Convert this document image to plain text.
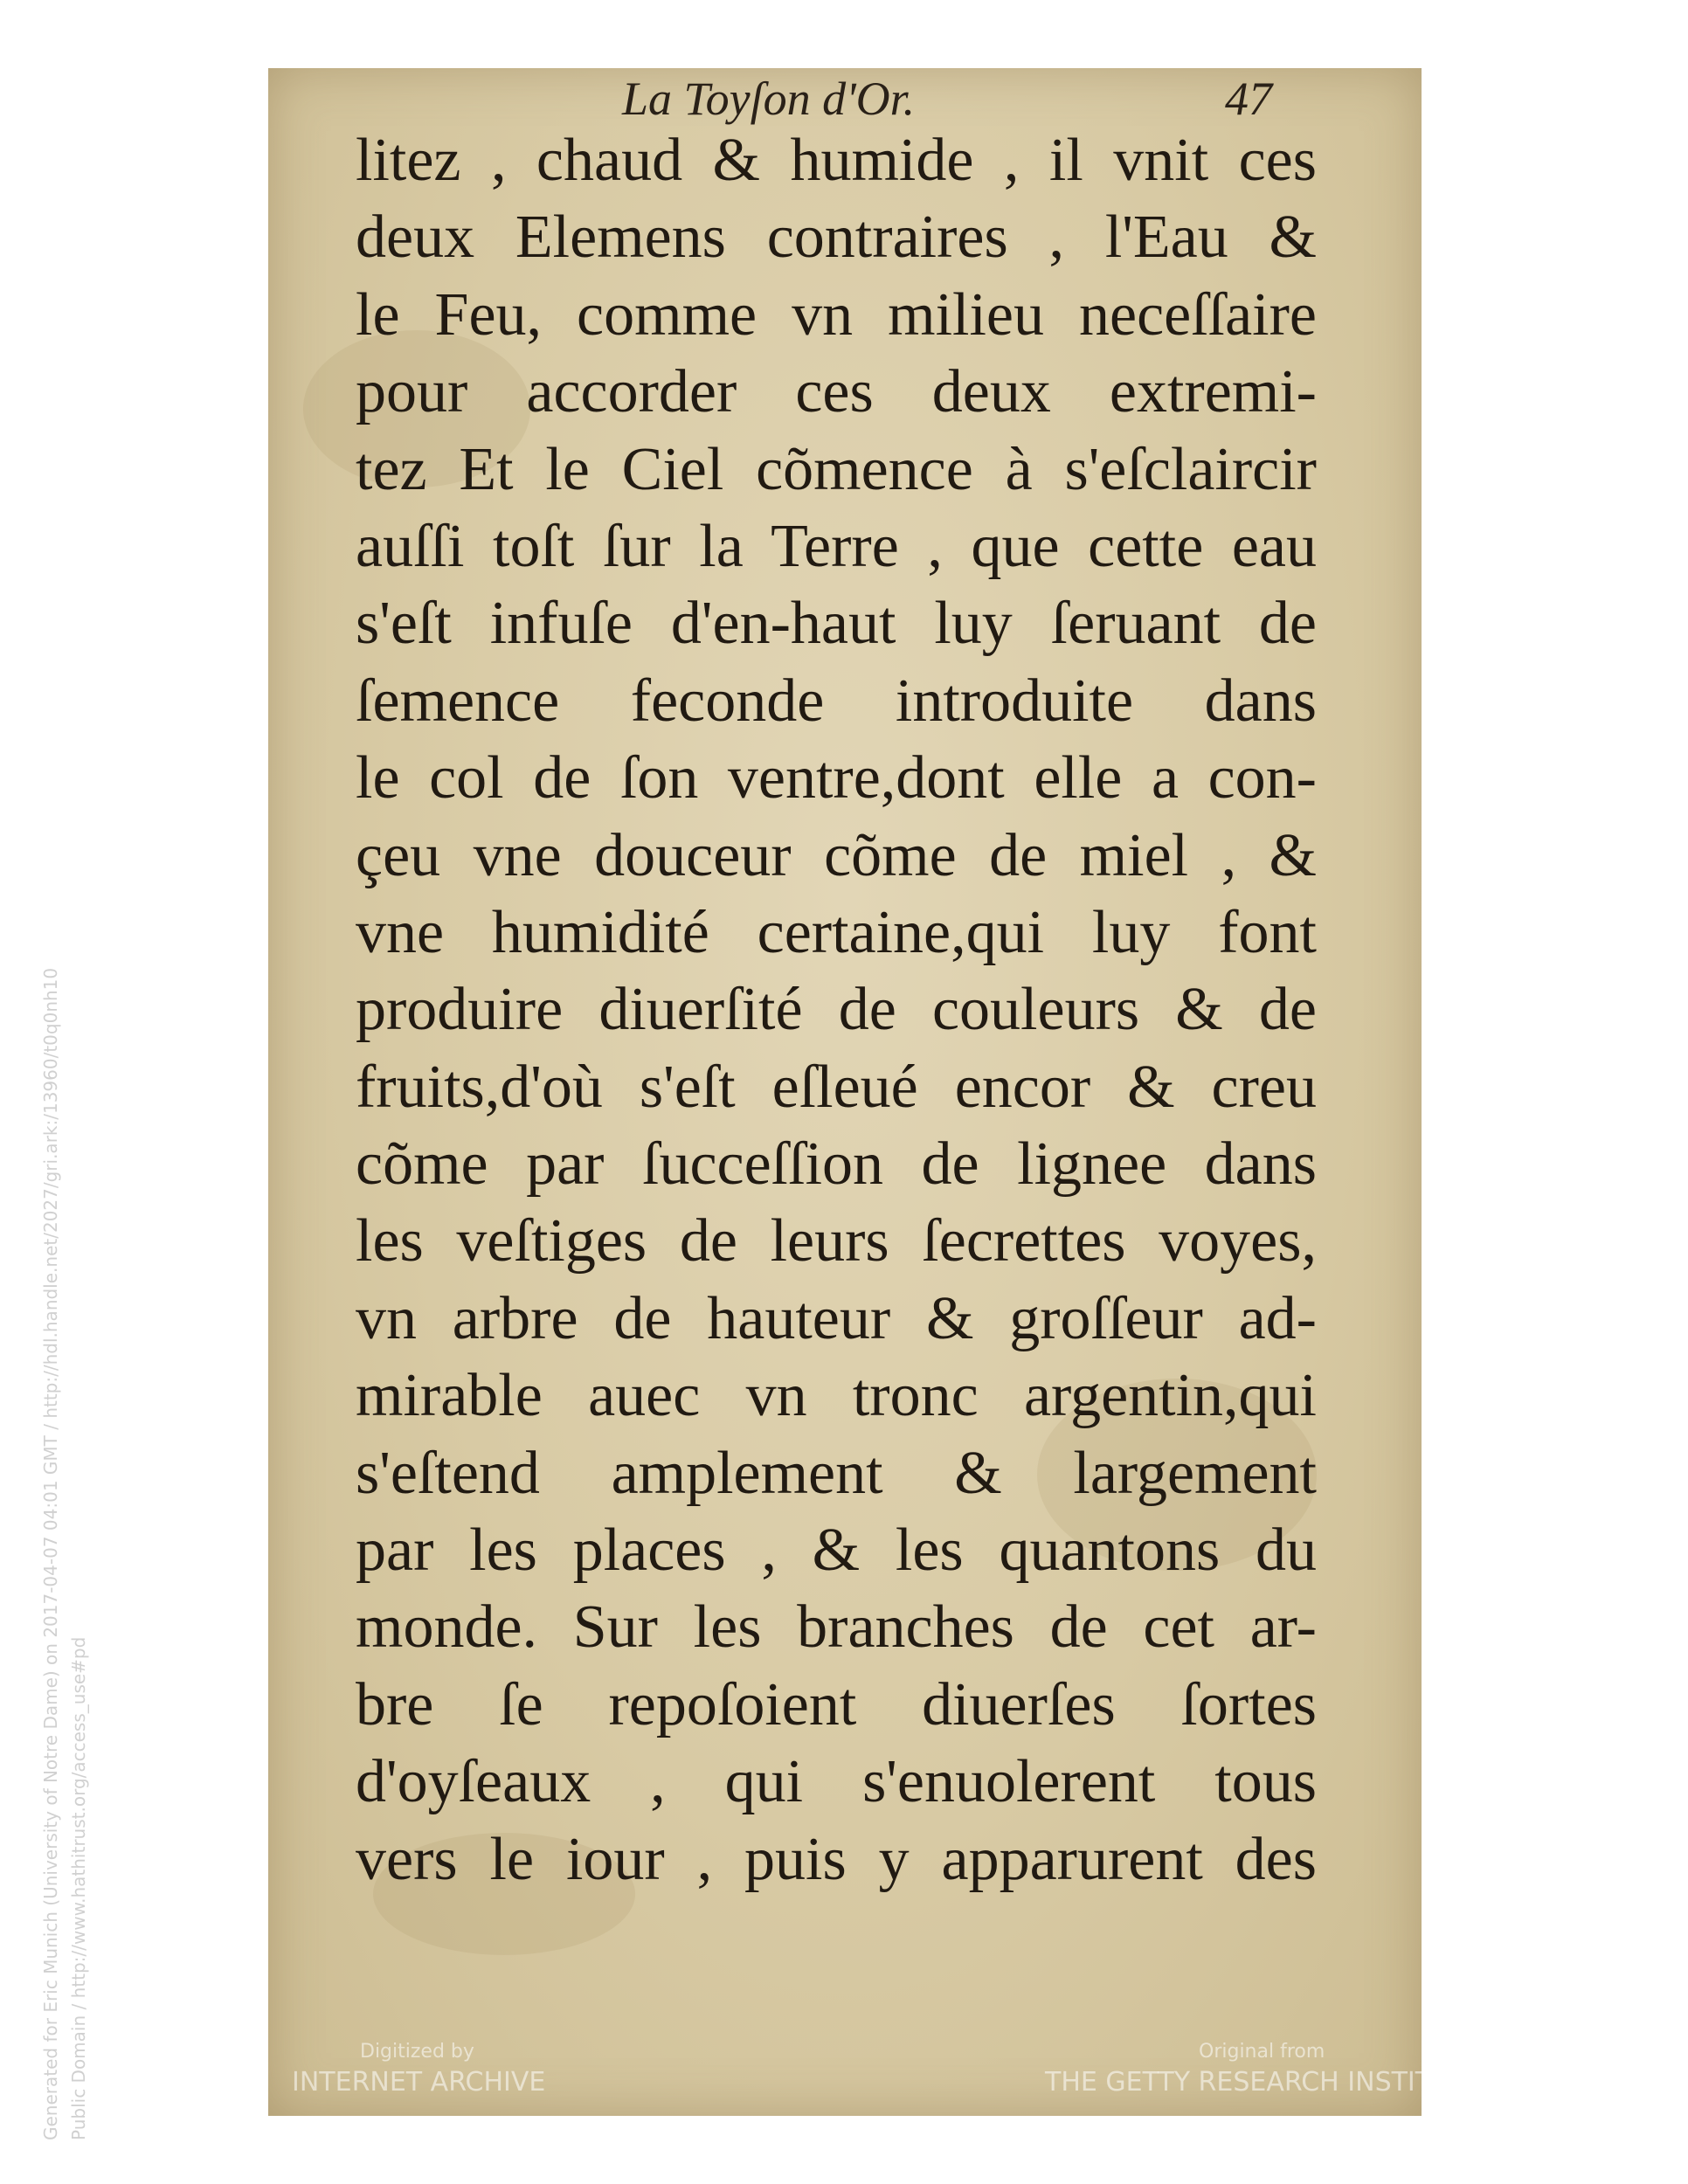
La Toyſon d'Or.	47
litez , chaud & humide , il vnit ces
deux Elemens contraires , l'Eau &
le Feu, comme vn milieu neceſſaire
pour accorder ces deux extremi-
tez Et le Ciel cõmence à s'eſclaircir
auſſi toſt ſur la Terre , que cette eau
s'eſt infuſe d'en-haut luy ſeruant de
ſemence feconde introduite dans
le col de ſon ventre,dont elle a con-
çeu vne douceur cõme de miel , &
vne humidité certaine,qui luy font
produire diuerſité de couleurs & de
fruits,d'où s'eſt eſleué encor & creu
cõme par ſucceſſion de lignee dans
les veſtiges de leurs ſecrettes voyes,
vn arbre de hauteur & groſſeur ad-
mirable auec vn tronc argentin,qui
s'eſtend amplement & largement
par les places , & les quantons du
monde. Sur les branches de cet ar-
bre ſe repoſoient diuerſes ſortes
d'oyſeaux , qui s'enuolerent tous
vers le iour , puis y apparurent des
Digitized by
INTERNET ARCHIVE
Original from
THE GETTY RESEARCH INSTITUTE
Generated for Eric Munich (University of Notre Dame) on 2017-04-07 04:01 GMT / http://hdl.handle.net/2027/gri.ark:/13960/t0q0nh10 Public Domain / http://www.hathitrust.org/access_use#pd
